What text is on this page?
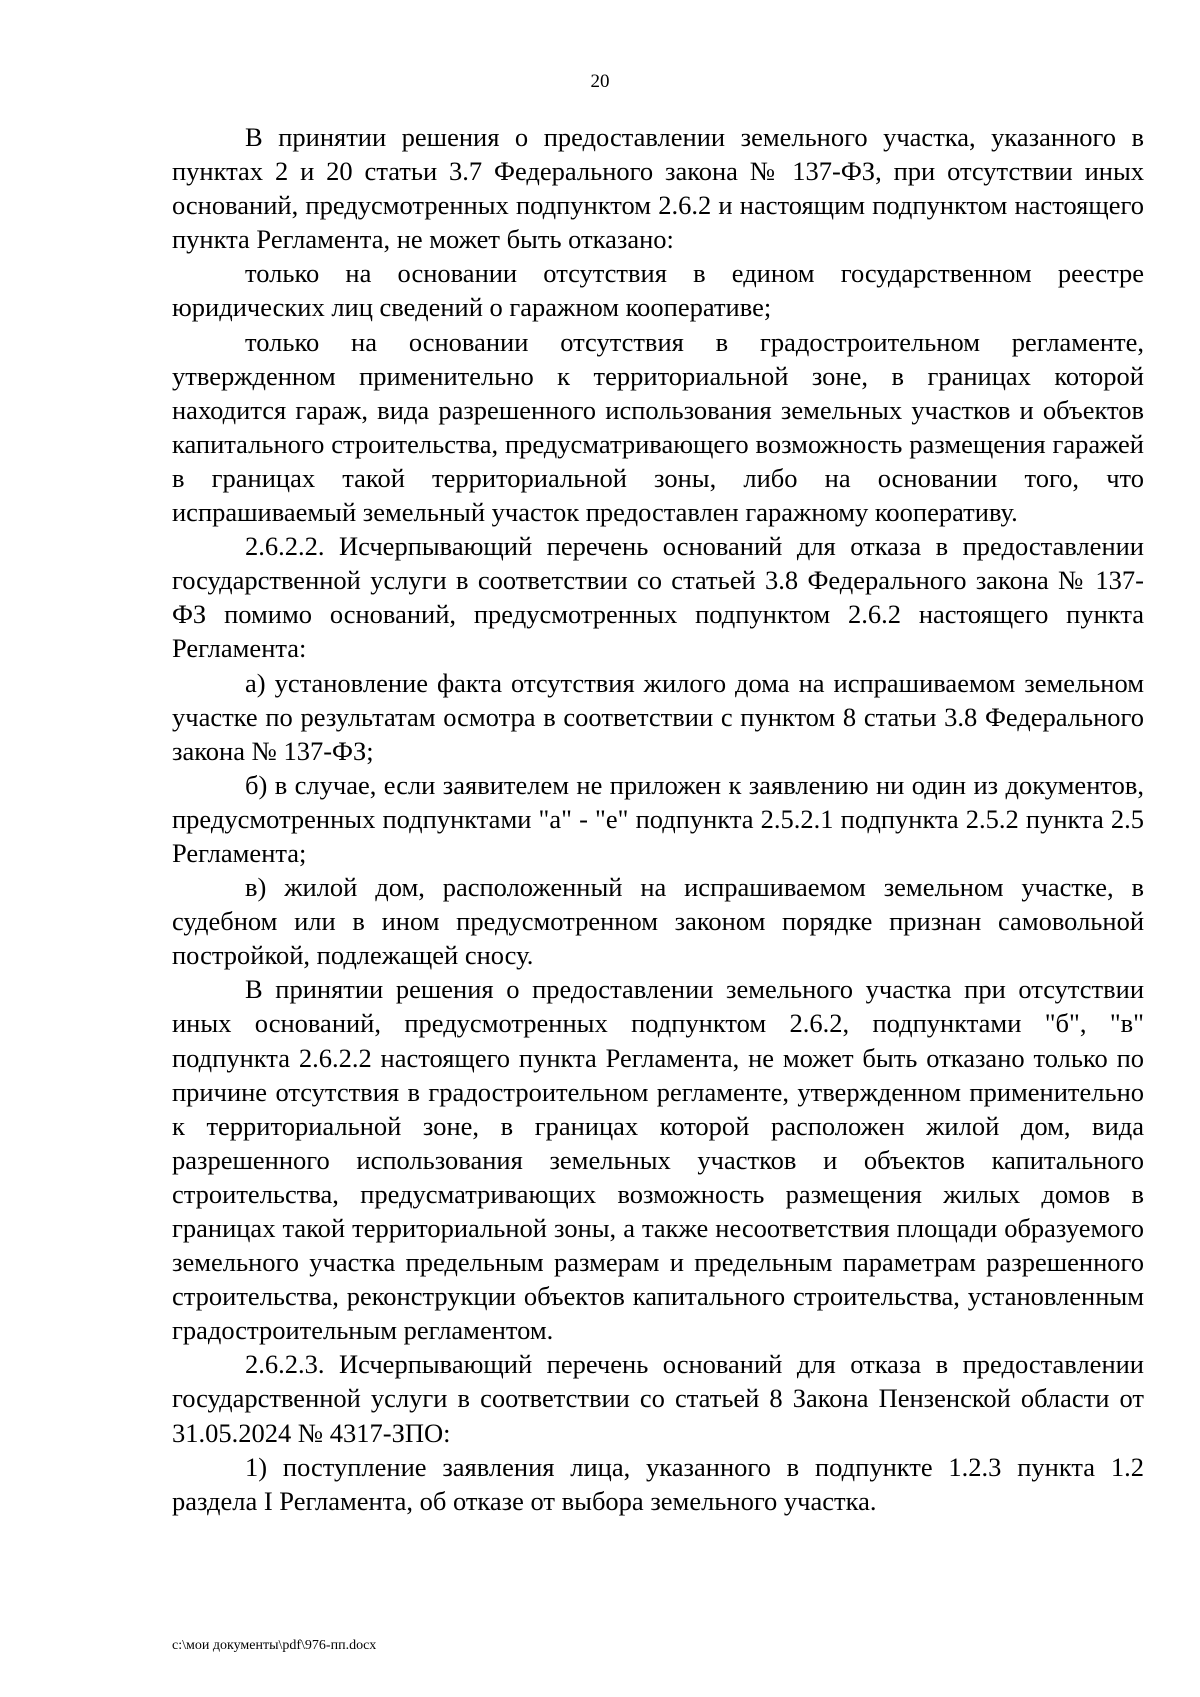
20

В принятии решения о предоставлении земельного участка, указанного в пунктах 2 и 20 статьи 3.7 Федерального закона № 137-ФЗ, при отсутствии иных оснований, предусмотренных подпунктом 2.6.2 и настоящим подпунктом настоящего пункта Регламента, не может быть отказано:

только на основании отсутствия в едином государственном реестре юридических лиц сведений о гаражном кооперативе;

только на основании отсутствия в градостроительном регламенте, утвержденном применительно к территориальной зоне, в границах которой находится гараж, вида разрешенного использования земельных участков и объектов капитального строительства, предусматривающего возможность размещения гаражей в границах такой территориальной зоны, либо на основании того, что испрашиваемый земельный участок предоставлен гаражному кооперативу.

2.6.2.2. Исчерпывающий перечень оснований для отказа в предоставлении государственной услуги в соответствии со статьей 3.8 Федерального закона № 137-ФЗ помимо оснований, предусмотренных подпунктом 2.6.2 настоящего пункта Регламента:

а) установление факта отсутствия жилого дома на испрашиваемом земельном участке по результатам осмотра в соответствии с пунктом 8 статьи 3.8 Федерального закона № 137-ФЗ;

б) в случае, если заявителем не приложен к заявлению ни один из документов, предусмотренных подпунктами "а" - "е" подпункта 2.5.2.1 подпункта 2.5.2 пункта 2.5 Регламента;

в) жилой дом, расположенный на испрашиваемом земельном участке, в судебном или в ином предусмотренном законом порядке признан самовольной постройкой, подлежащей сносу.

В принятии решения о предоставлении земельного участка при отсутствии иных оснований, предусмотренных подпунктом 2.6.2, подпунктами "б", "в" подпункта 2.6.2.2 настоящего пункта Регламента, не может быть отказано только по причине отсутствия в градостроительном регламенте, утвержденном применительно к территориальной зоне, в границах которой расположен жилой дом, вида разрешенного использования земельных участков и объектов капитального строительства, предусматривающих возможность размещения жилых домов в границах такой территориальной зоны, а также несоответствия площади образуемого земельного участка предельным размерам и предельным параметрам разрешенного строительства, реконструкции объектов капитального строительства, установленным градостроительным регламентом.

2.6.2.3. Исчерпывающий перечень оснований для отказа в предоставлении государственной услуги в соответствии со статьей 8 Закона Пензенской области от 31.05.2024 № 4317-ЗПО:

1) поступление заявления лица, указанного в подпункте 1.2.3 пункта 1.2 раздела I Регламента, об отказе от выбора земельного участка.

c:\мои документы\pdf\976-пп.docx
